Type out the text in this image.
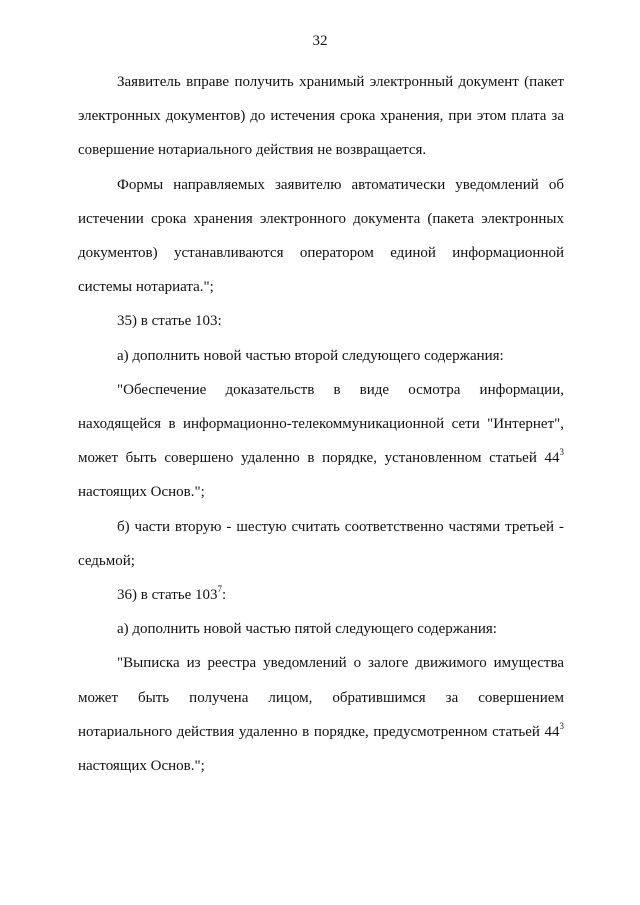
32

Заявитель вправе получить хранимый электронный документ (пакет электронных документов) до истечения срока хранения, при этом плата за совершение нотариального действия не возвращается.

Формы направляемых заявителю автоматически уведомлений об истечении срока хранения электронного документа (пакета электронных документов) устанавливаются оператором единой информационной системы нотариата.";

35) в статье 103:

а) дополнить новой частью второй следующего содержания:

"Обеспечение доказательств в виде осмотра информации, находящейся в информационно-телекоммуникационной сети "Интернет", может быть совершено удаленно в порядке, установленном статьей $44^3$ настоящих Основ.";

б) части вторую - шестую считать соответственно частями третьей - седьмой;

36) в статье $103^7$:

а) дополнить новой частью пятой следующего содержания:

"Выписка из реестра уведомлений о залоге движимого имущества может быть получена лицом, обратившимся за совершением нотариального действия удаленно в порядке, предусмотренном статьей $44^3$ настоящих Основ.";
